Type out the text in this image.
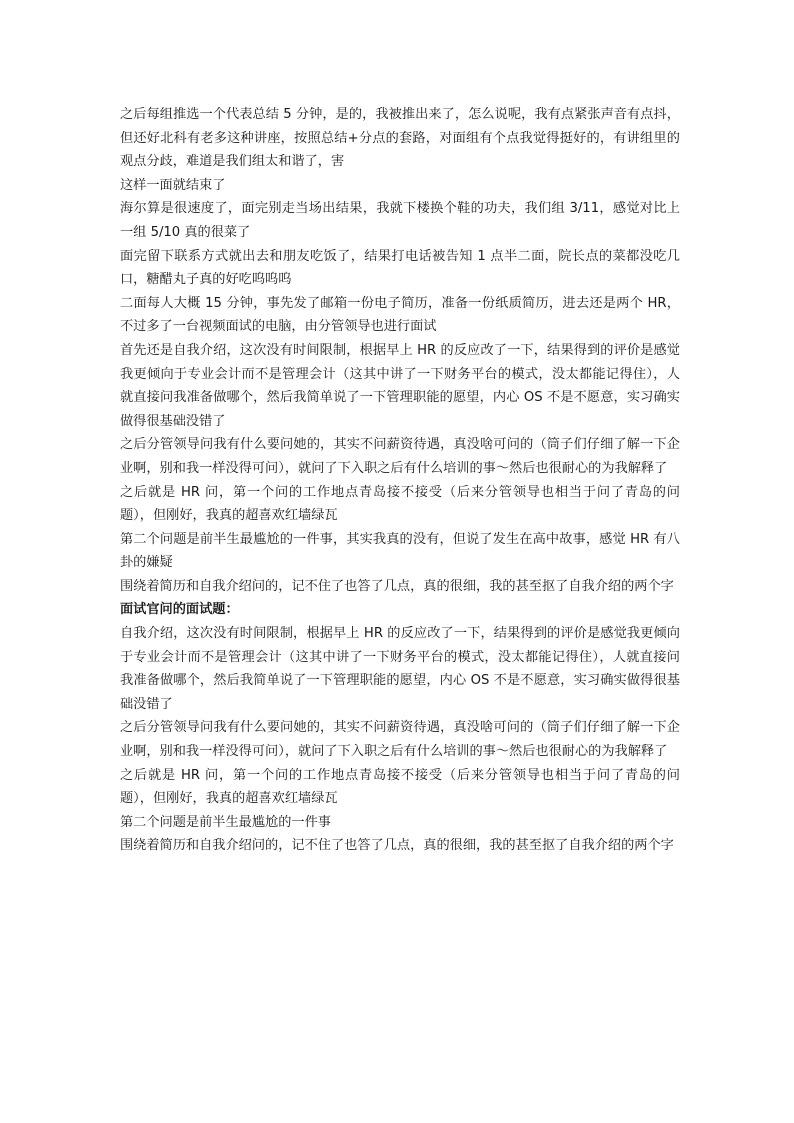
之后每组推选一个代表总结 5 分钟，是的，我被推出来了，怎么说呢，我有点紧张声音有点抖，但还好北科有老多这种讲座，按照总结+分点的套路，对面组有个点我觉得挺好的，有讲组里的观点分歧，难道是我们组太和谐了，害

这样一面就结束了

海尔算是很速度了，面完别走当场出结果，我就下楼换个鞋的功夫，我们组 3/11，感觉对比上一组 5/10 真的很菜了

面完留下联系方式就出去和朋友吃饭了，结果打电话被告知 1 点半二面，院长点的菜都没吃几口，糖醋丸子真的好吃呜呜呜

二面每人大概 15 分钟，事先发了邮箱一份电子简历，准备一份纸质简历，进去还是两个 HR，不过多了一台视频面试的电脑，由分管领导也进行面试

首先还是自我介绍，这次没有时间限制，根据早上 HR 的反应改了一下，结果得到的评价是感觉我更倾向于专业会计而不是管理会计（这其中讲了一下财务平台的模式，没太都能记得住），人就直接问我准备做哪个，然后我简单说了一下管理职能的愿望，内心 OS 不是不愿意，实习确实做得很基础没错了

之后分管领导问我有什么要问她的，其实不问薪资待遇，真没啥可问的（筒子们仔细了解一下企业啊，别和我一样没得可问），就问了下入职之后有什么培训的事～然后也很耐心的为我解释了

之后就是 HR 问，第一个问的工作地点青岛接不接受（后来分管领导也相当于问了青岛的问题），但刚好，我真的超喜欢红墙绿瓦

第二个问题是前半生最尴尬的一件事，其实我真的没有，但说了发生在高中故事，感觉 HR 有八卦的嫌疑

围绕着简历和自我介绍问的，记不住了也答了几点，真的很细，我的甚至抠了自我介绍的两个字

面试官问的面试题：

自我介绍，这次没有时间限制，根据早上 HR 的反应改了一下，结果得到的评价是感觉我更倾向于专业会计而不是管理会计（这其中讲了一下财务平台的模式，没太都能记得住），人就直接问我准备做哪个，然后我简单说了一下管理职能的愿望，内心 OS 不是不愿意，实习确实做得很基础没错了

之后分管领导问我有什么要问她的，其实不问薪资待遇，真没啥可问的（筒子们仔细了解一下企业啊，别和我一样没得可问），就问了下入职之后有什么培训的事～然后也很耐心的为我解释了

之后就是 HR 问，第一个问的工作地点青岛接不接受（后来分管领导也相当于问了青岛的问题），但刚好，我真的超喜欢红墙绿瓦

第二个问题是前半生最尴尬的一件事

围绕着简历和自我介绍问的，记不住了也答了几点，真的很细，我的甚至抠了自我介绍的两个字
